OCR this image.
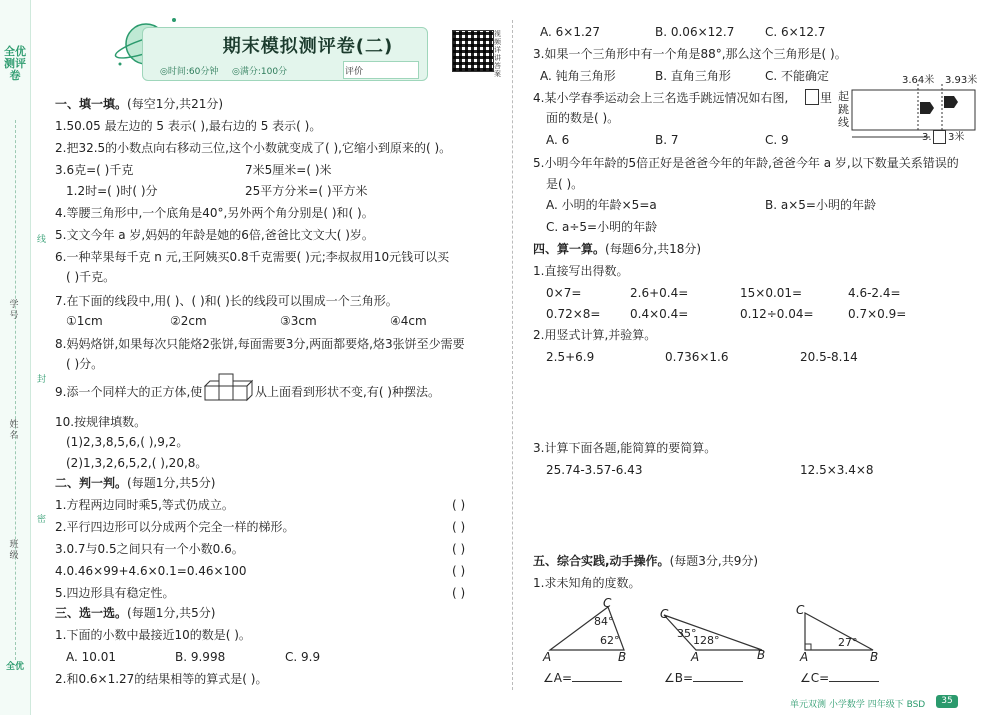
全优测评卷
学号
姓名
班级
线
封
密
全优
期末模拟测评卷(二)
◎时间:60分钟 ◎满分:100分	评价
视频详讲答案
一、填一填。(每空1分,共21分)
1.50.05 最左边的 5 表示( ),最右边的 5 表示( )。
2.把32.5的小数点向右移动三位,这个小数就变成了( ),它缩小到原来的( )。
3.6克=( )千克	7米5厘米=( )米
1.2时=( )时( )分	25平方分米=( )平方米
4.等腰三角形中,一个底角是40°,另外两个角分别是( )和( )。
5.文文今年 a 岁,妈妈的年龄是她的6倍,爸爸比文文大( )岁。
6.一种苹果每千克 n 元,王阿姨买0.8千克需要( )元;李叔叔用10元钱可以买
( )千克。
7.在下面的线段中,用( )、( )和( )长的线段可以围成一个三角形。
①1cm	②2cm	③3cm	④4cm
8.妈妈烙饼,如果每次只能烙2张饼,每面需要3分,两面都要烙,烙3张饼至少需要
( )分。
9.添一个同样大的正方体,使	从上面看到形状不变,有( )种摆法。
10.按规律填数。
(1)2,3,8,5,6,( ),9,2。
(2)1,3,2,6,5,2,( ),20,8。
二、判一判。(每题1分,共5分)
1.方程两边同时乘5,等式仍成立。	( )
2.平行四边形可以分成两个完全一样的梯形。	( )
3.0.7与0.5之间只有一个小数0.6。	( )
4.0.46×99+4.6×0.1=0.46×100	( )
5.四边形具有稳定性。	( )
三、选一选。(每题1分,共5分)
1.下面的小数中最接近10的数是( )。
A. 10.01	B. 9.998	C. 9.9
2.和0.6×1.27的结果相等的算式是( )。
A. 6×1.27	B. 0.06×12.7	C. 6×12.7
3.如果一个三角形中有一个角是88°,那么这个三角形是( )。
A. 钝角三角形	B. 直角三角形	C. 不能确定
4.某小学春季运动会上三名选手跳远情况如右图,	里
面的数是( )。
A. 6	B. 7	C. 9
3.64米 3.93米
起跳线
3. 3米
5.小明今年年龄的5倍正好是爸爸今年的年龄,爸爸今年 a 岁,以下数量关系错误的
是( )。
A. 小明的年龄×5=a	B. a×5=小明的年龄
C. a÷5=小明的年龄
四、算一算。(每题6分,共18分)
1.直接写出得数。
0×7=	2.6+0.4=	15×0.01=	4.6-2.4=
0.72×8= 0.4×0.4=	0.12÷0.04=	0.7×0.9=
2.用竖式计算,并验算。
2.5+6.9	0.736×1.6	20.5-8.14
3.计算下面各题,能简算的要简算。
25.74-3.57-6.43	12.5×3.4×8
五、综合实践,动手操作。(每题3分,共9分)
1.求未知角的度数。
A	B
C
84°
62°
∠A=
C
A	B
35°
128°
∠B=
C
A	B
27°
∠C=
单元双测 小学数学 四年级下 BSD	35
